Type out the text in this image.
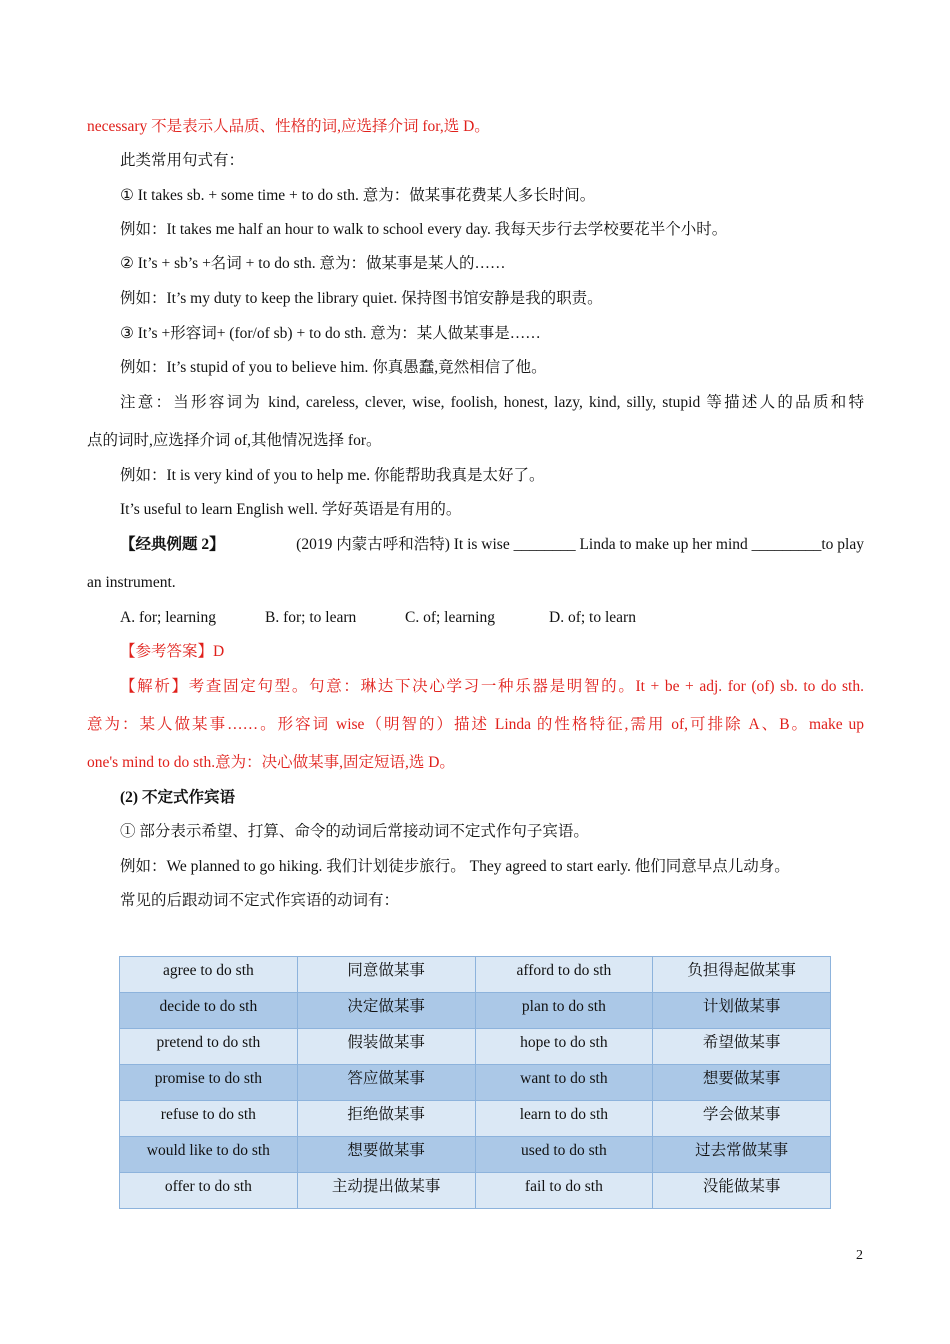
necessary 不是表示人品质、性格的词,应选择介词 for,选 D。
此类常用句式有：
① It takes sb. + some time + to do sth. 意为：做某事花费某人多长时间。
例如：It takes me half an hour to walk to school every day. 我每天步行去学校要花半个小时。
② It’s + sb’s +名词 + to do sth. 意为：做某事是某人的……
例如：It’s my duty to keep the library quiet. 保持图书馆安静是我的职责。
③ It’s +形容词+ (for/of sb) + to do sth. 意为：某人做某事是……
例如：It’s stupid of you to believe him. 你真愚蠢,竟然相信了他。
注意：当形容词为 kind, careless, clever, wise, foolish, honest, lazy, kind, silly, stupid 等描述人的品质和特
点的词时,应选择介词 of,其他情况选择 for。
例如：It is very kind of you to help me. 你能帮助我真是太好了。
It’s useful to learn English well. 学好英语是有用的。
【经典例题 2】	(2019 内蒙古呼和浩特) It is wise ________ Linda to make up her mind _________to play
an instrument.
A. for; learning	B. for; to learn	C. of; learning	D. of; to learn
【参考答案】D
【解析】考查固定句型。句意：琳达下决心学习一种乐器是明智的。It + be + adj. for (of) sb. to do sth.
意为：某人做某事……。形容词 wise（明智的）描述 Linda 的性格特征,需用 of,可排除 A、B。make up
one's mind to do sth.意为：决心做某事,固定短语,选 D。
(2) 不定式作宾语
① 部分表示希望、打算、命令的动词后常接动词不定式作句子宾语。
例如：We planned to go hiking. 我们计划徒步旅行。 They agreed to start early. 他们同意早点儿动身。
常见的后跟动词不定式作宾语的动词有：
agree to do sth	同意做某事	afford to do sth	负担得起做某事
decide to do sth	决定做某事	plan to do sth	计划做某事
pretend to do sth	假装做某事	hope to do sth	希望做某事
promise to do sth	答应做某事	want to do sth	想要做某事
refuse to do sth	拒绝做某事	learn to do sth	学会做某事
would like to do sth	想要做某事	used to do sth	过去常做某事
offer to do sth	主动提出做某事	fail to do sth	没能做某事
2
